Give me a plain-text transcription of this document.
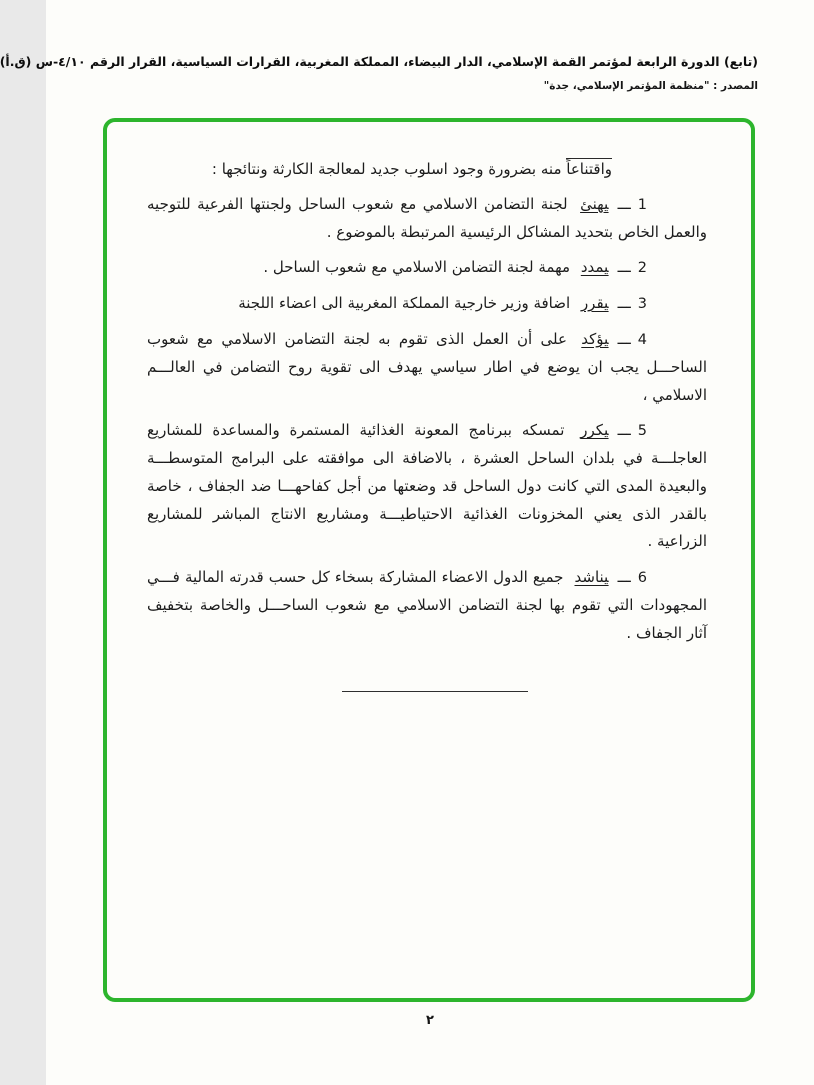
(تابع) الدورة الرابعة لمؤتمر القمة الإسلامي، الدار البيضاء، المملكة المغربية، القرارات السياسية، القرار الرقم ٤/١٠-س (ق.أ)
المصدر : "منظمة المؤتمر الإسلامي، جدة"

واقتناعاً منه بضرورة وجود اسلوب جديد لمعالجة الكارثة ونتائجها :

1ـــيهنئ لجنة التضامن الاسلامي مع شعوب الساحل ولجنتها الفرعية للتوجيه والعمل الخاص بتحديد المشاكل الرئيسية المرتبطة بالموضوع .

2ـــيمدد مهمة لجنة التضامن الاسلامي مع شعوب الساحل .

3ـــيقرر اضافة وزير خارجية المملكة المغربية الى اعضاء اللجنة

4ـــيؤكد على أن العمل الذى تقوم به لجنة التضامن الاسلامي مع شعوب الساحـــل يجب ان يوضع في اطار سياسي يهدف الى تقوية روح التضامن في العالـــم الاسلامي ،

5ـــيكرر تمسكه ببرنامج المعونة الغذائية المستمرة والمساعدة للمشاريع العاجلـــة في بلدان الساحل العشرة ، بالاضافة الى موافقته على البرامج المتوسطـــة والبعيدة المدى التي كانت دول الساحل قد وضعتها من أجل كفاحهـــا ضد الجفاف ، خاصة بالقدر الذى يعني المخزونات الغذائية الاحتياطيـــة ومشاريع الانتاج المباشر للمشاريع الزراعية .

6ـــيناشد جميع الدول الاعضاء المشاركة بسخاء كل حسب قدرته المالية فـــي المجهودات التي تقوم بها لجنة التضامن الاسلامي مع شعوب الساحـــل والخاصة بتخفيف آثار الجفاف .

٢
